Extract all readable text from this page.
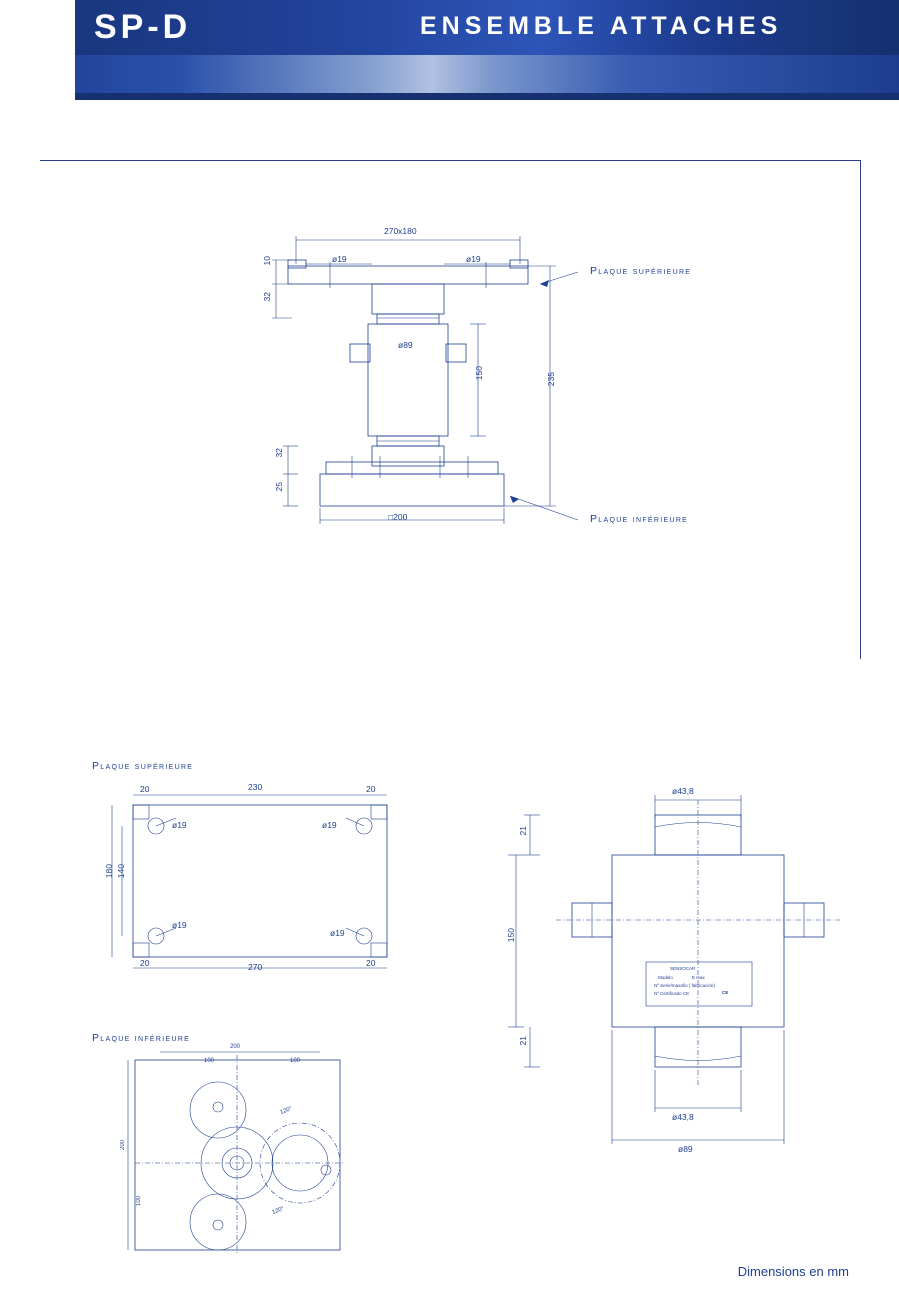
SP-D	ENSEMBLE ATTACHES
270x180
ø19	ø19
10
32
ø89
150	235
32
25
□200
Plaque supérieure
Plaque inférieure
Plaque supérieure
20	20
230
270
20	20
140
180
ø19	ø19
ø19
ø19
Plaque inférieure
200
100	100
200
100
120°
120°
ø43,8
21
150
21
ø43,8
ø89
SENSOCAR
Modelo	E max
Nº Serie/maxafio ( fabricación)
Nº Certificado CE	CE
Dimensions en mm
